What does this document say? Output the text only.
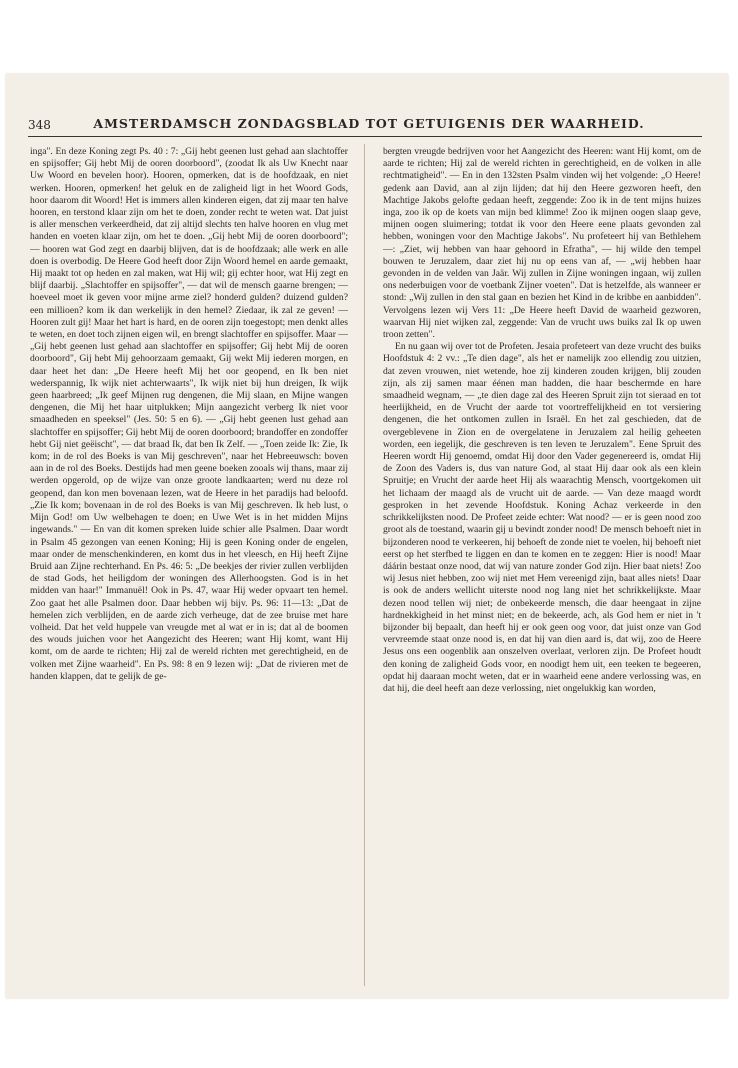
348	AMSTERDAMSCH ZONDAGSBLAD TOT GETUIGENIS DER WAARHEID.

inga". En deze Koning zegt Ps. 40 : 7: „Gij hebt geenen lust gehad aan slachtoffer en spijsoffer; Gij hebt Mij de ooren doorboord", (zoodat Ik als Uw Knecht naar Uw Woord en bevelen hoor). Hooren, opmerken, dat is de hoofdzaak, en niet werken. Hooren, opmerken! het geluk en de zaligheid ligt in het Woord Gods, hoor daarom dit Woord! Het is immers allen kinderen eigen, dat zij maar ten halve hooren, en terstond klaar zijn om het te doen, zonder recht te weten wat. Dat juist is aller menschen verkeerdheid, dat zij altijd slechts ten halve hooren en vlug met handen en voeten klaar zijn, om het te doen. „Gij hebt Mij de ooren doorboord"; — hooren wat God zegt en daarbij blijven, dat is de hoofdzaak; alle werk en alle doen is overbodig. De Heere God heeft door Zijn Woord hemel en aarde gemaakt, Hij maakt tot op heden en zal maken, wat Hij wil; gij echter hoor, wat Hij zegt en blijf daarbij. „Slachtoffer en spijsoffer", — dat wil de mensch gaarne brengen; — hoeveel moet ik geven voor mijne arme ziel? honderd gulden? duizend gulden? een millioen? kom ik dan werkelijk in den hemel? Ziedaar, ik zal ze geven! — Hooren zult gij! Maar het hart is hard, en de ooren zijn toegestopt; men denkt alles te weten, en doet toch zijnen eigen wil, en brengt slachtoffer en spijsoffer. Maar — „Gij hebt geenen lust gehad aan slachtoffer en spijsoffer; Gij hebt Mij de ooren doorboord", Gij hebt Mij gehoorzaam gemaakt, Gij wekt Mij iederen morgen, en daar heet het dan: „De Heere heeft Mij het oor geopend, en Ik ben niet wederspannig, Ik wijk niet achterwaarts", Ik wijk niet bij hun dreigen, Ik wijk geen haarbreed; „Ik geef Mijnen rug dengenen, die Mij slaan, en Mijne wangen dengenen, die Mij het haar uitplukken; Mijn aangezicht verberg Ik niet voor smaadheden en speeksel" (Jes. 50: 5 en 6). — „Gij hebt geenen lust gehad aan slachtoffer en spijsoffer; Gij hebt Mij de ooren doorboord; brandoffer en zondoffer hebt Gij niet geëischt", — dat braad Ik, dat ben Ik Zelf. — „Toen zeide Ik: Zie, Ik kom; in de rol des Boeks is van Mij geschreven", naar het Hebreeuwsch: boven aan in de rol des Boeks. Destijds had men geene boeken zooals wij thans, maar zij werden opgerold, op de wijze van onze groote landkaarten; werd nu deze rol geopend, dan kon men bovenaan lezen, wat de Heere in het paradijs had beloofd. „Zie Ik kom; bovenaan in de rol des Boeks is van Mij geschreven. Ik heb lust, o Mijn God! om Uw welbehagen te doen; en Uwe Wet is in het midden Mijns ingewands." — En van dit komen spreken luide schier alle Psalmen. Daar wordt in Psalm 45 gezongen van eenen Koning; Hij is geen Koning onder de engelen, maar onder de menschenkinderen, en komt dus in het vleesch, en Hij heeft Zijne Bruid aan Zijne rechterhand. En Ps. 46: 5: „De beekjes der rivier zullen verblijden de stad Gods, het heiligdom der woningen des Allerhoogsten. God is in het midden van haar!" Immanuël! Ook in Ps. 47, waar Hij weder opvaart ten hemel. Zoo gaat het alle Psalmen door. Daar hebben wij bijv. Ps. 96: 11—13: „Dat de hemelen zich verblijden, en de aarde zich verheuge, dat de zee bruise met hare volheid. Dat het veld huppele van vreugde met al wat er in is; dat al de boomen des wouds juichen voor het Aangezicht des Heeren; want Hij komt, want Hij komt, om de aarde te richten; Hij zal de wereld richten met gerechtigheid, en de volken met Zijne waarheid". En Ps. 98: 8 en 9 lezen wij: „Dat de rivieren met de handen klappen, dat te gelijk de ge-

bergten vreugde bedrijven voor het Aangezicht des Heeren: want Hij komt, om de aarde te richten; Hij zal de wereld richten in gerechtigheid, en de volken in alle rechtmatigheid". — En in den 132sten Psalm vinden wij het volgende: „O Heere! gedenk aan David, aan al zijn lijden; dat hij den Heere gezworen heeft, den Machtige Jakobs gelofte gedaan heeft, zeggende: Zoo ik in de tent mijns huizes inga, zoo ik op de koets van mijn bed klimme! Zoo ik mijnen oogen slaap geve, mijnen oogen sluimering; totdat ik voor den Heere eene plaats gevonden zal hebben, woningen voor den Machtige Jakobs". Nu profeteert hij van Bethlehem —: „Ziet, wij hebben van haar gehoord in Efratha", — hij wilde den tempel bouwen te Jeruzalem, daar ziet hij nu op eens van af, — „wij hebben haar gevonden in de velden van Jaär. Wij zullen in Zijne woningen ingaan, wij zullen ons nederbuigen voor de voetbank Zijner voeten". Dat is hetzelfde, als wanneer er stond: „Wij zullen in den stal gaan en bezien het Kind in de kribbe en aanbidden". Vervolgens lezen wij Vers 11: „De Heere heeft David de waarheid gezworen, waarvan Hij niet wijken zal, zeggende: Van de vrucht uws buiks zal Ik op uwen troon zetten".

En nu gaan wij over tot de Profeten. Jesaia profeteert van deze vrucht des buiks Hoofdstuk 4: 2 vv.: „Te dien dage", als het er namelijk zoo ellendig zou uitzien, dat zeven vrouwen, niet wetende, hoe zij kinderen zouden krijgen, blij zouden zijn, als zij samen maar éénen man hadden, die haar beschermde en hare smaadheid wegnam, — „te dien dage zal des Heeren Spruit zijn tot sieraad en tot heerlijkheid, en de Vrucht der aarde tot voortreffelijkheid en tot versiering dengenen, die het ontkomen zullen in Israël. En het zal geschieden, dat de overgeblevene in Zion en de overgelatene in Jeruzalem zal heilig geheeten worden, een iegelijk, die geschreven is ten leven te Jeruzalem". Eene Spruit des Heeren wordt Hij genoemd, omdat Hij door den Vader gegenereerd is, omdat Hij de Zoon des Vaders is, dus van nature God, al staat Hij daar ook als een klein Spruitje; en Vrucht der aarde heet Hij als waarachtig Mensch, voortgekomen uit het lichaam der maagd als de vrucht uit de aarde. — Van deze maagd wordt gesproken in het zevende Hoofdstuk. Koning Achaz verkeerde in den schrikkelijksten nood. De Profeet zeide echter: Wat nood? — er is geen nood zoo groot als de toestand, waarin gij u bevindt zonder nood! De mensch behoeft niet in bijzonderen nood te verkeeren, hij behoeft de zonde niet te voelen, hij behoeft niet eerst op het sterfbed te liggen en dan te komen en te zeggen: Hier is nood! Maar dáárin bestaat onze nood, dat wij van nature zonder God zijn. Hier baat niets! Zoo wij Jesus niet hebben, zoo wij niet met Hem vereenigd zijn, baat alles niets! Daar is ook de anders wellicht uiterste nood nog lang niet het schrikkelijkste. Maar dezen nood tellen wij niet; de onbekeerde mensch, die daar heengaat in zijne hardnekkigheid in het minst niet; en de bekeerde, ach, als God hem er niet in 't bijzonder bij bepaalt, dan heeft hij er ook geen oog voor, dat juist onze van God vervreemde staat onze nood is, en dat hij van dien aard is, dat wij, zoo de Heere Jesus ons een oogenblik aan onszelven overlaat, verloren zijn. De Profeet houdt den koning de zaligheid Gods voor, en noodigt hem uit, een teeken te begeeren, opdat hij daaraan mocht weten, dat er in waarheid eene andere verlossing was, en dat hij, die deel heeft aan deze verlossing, niet ongelukkig kan worden,
